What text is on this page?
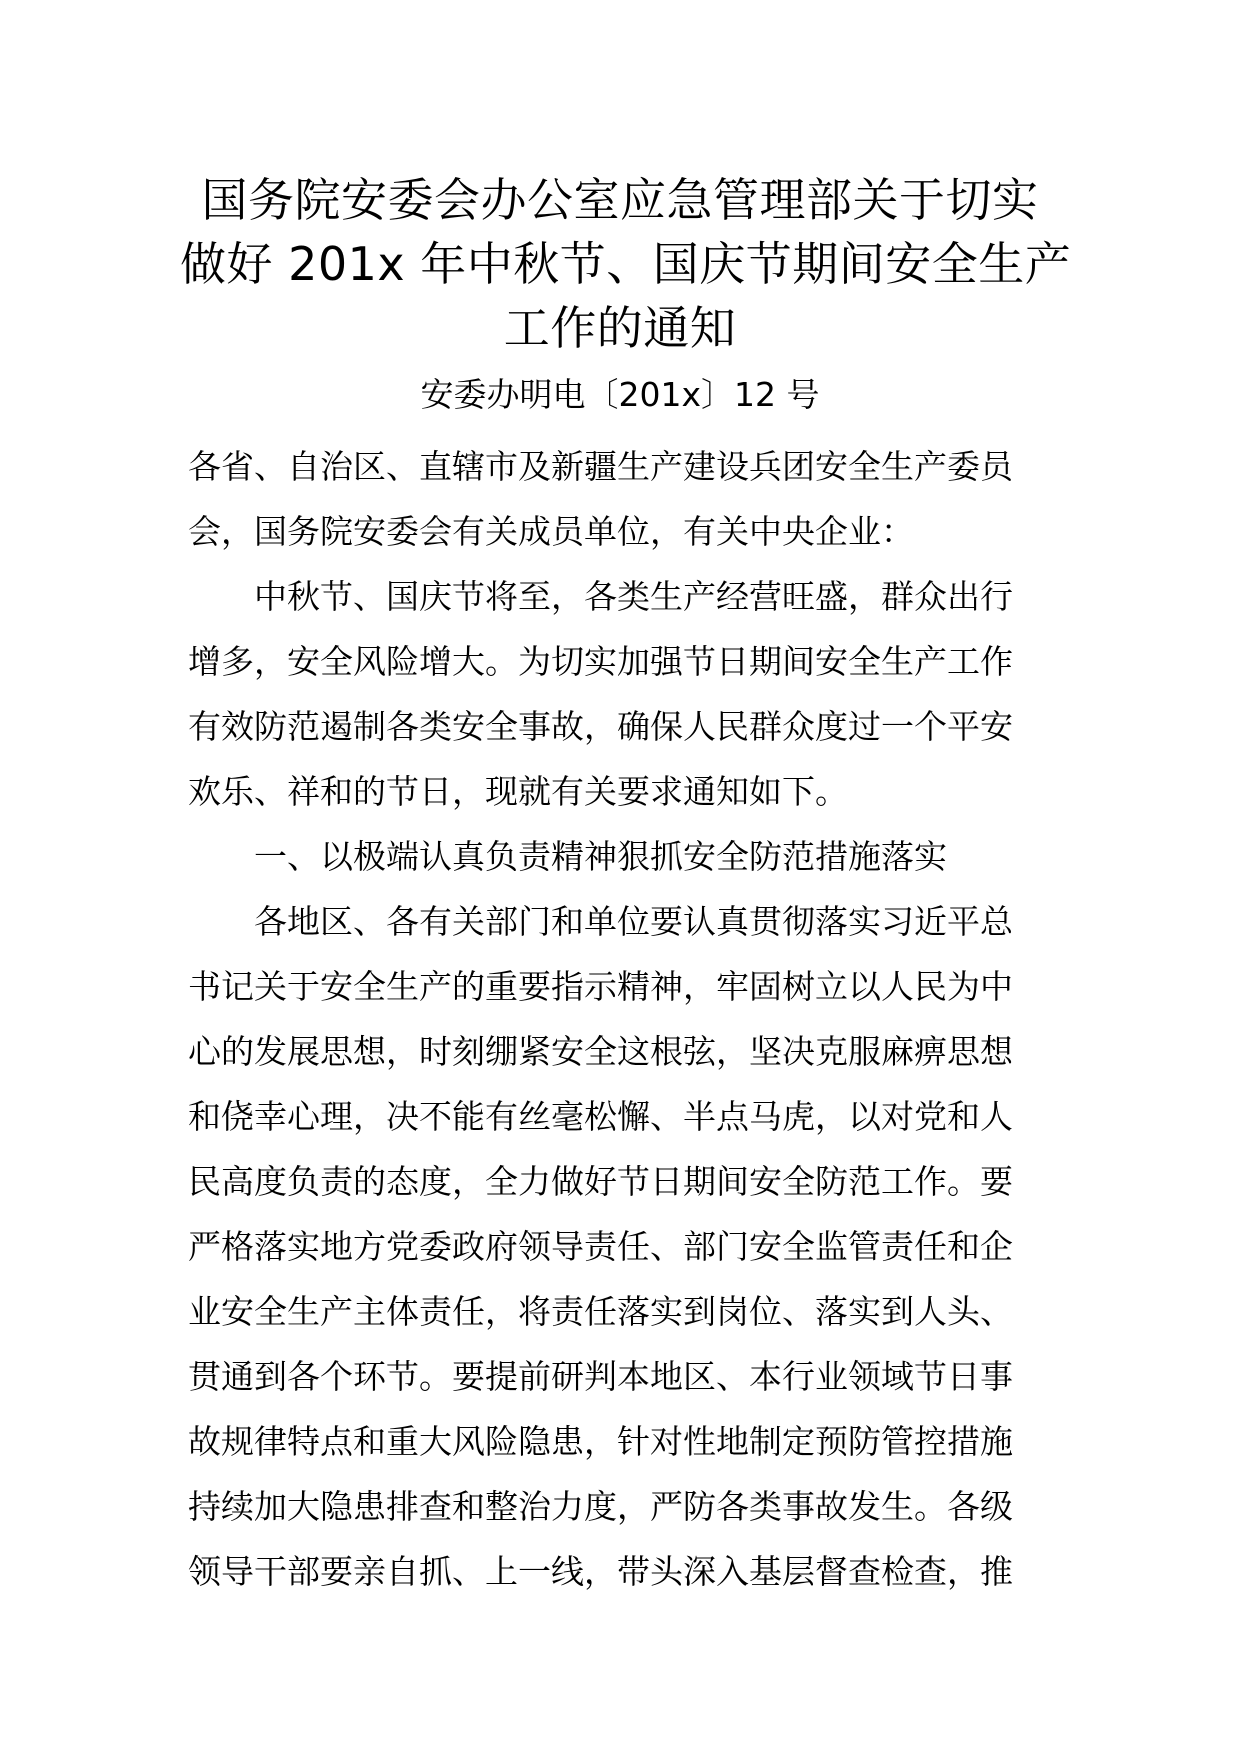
国务院安委会办公室应急管理部关于切实
做好 201x 年中秋节、国庆节期间安全生产
工作的通知

安委办明电〔201x〕12 号

各省、自治区、直辖市及新疆生产建设兵团安全生产委员
会，国务院安委会有关成员单位，有关中央企业：
中秋节、国庆节将至，各类生产经营旺盛，群众出行
增多，安全风险增大。为切实加强节日期间安全生产工作
有效防范遏制各类安全事故，确保人民群众度过一个平安
欢乐、祥和的节日，现就有关要求通知如下。
一、以极端认真负责精神狠抓安全防范措施落实
各地区、各有关部门和单位要认真贯彻落实习近平总
书记关于安全生产的重要指示精神，牢固树立以人民为中
心的发展思想，时刻绷紧安全这根弦，坚决克服麻痹思想
和侥幸心理，决不能有丝毫松懈、半点马虎，以对党和人
民高度负责的态度，全力做好节日期间安全防范工作。要
严格落实地方党委政府领导责任、部门安全监管责任和企
业安全生产主体责任，将责任落实到岗位、落实到人头、
贯通到各个环节。要提前研判本地区、本行业领域节日事
故规律特点和重大风险隐患，针对性地制定预防管控措施
持续加大隐患排查和整治力度，严防各类事故发生。各级
领导干部要亲自抓、上一线，带头深入基层督查检查，推
